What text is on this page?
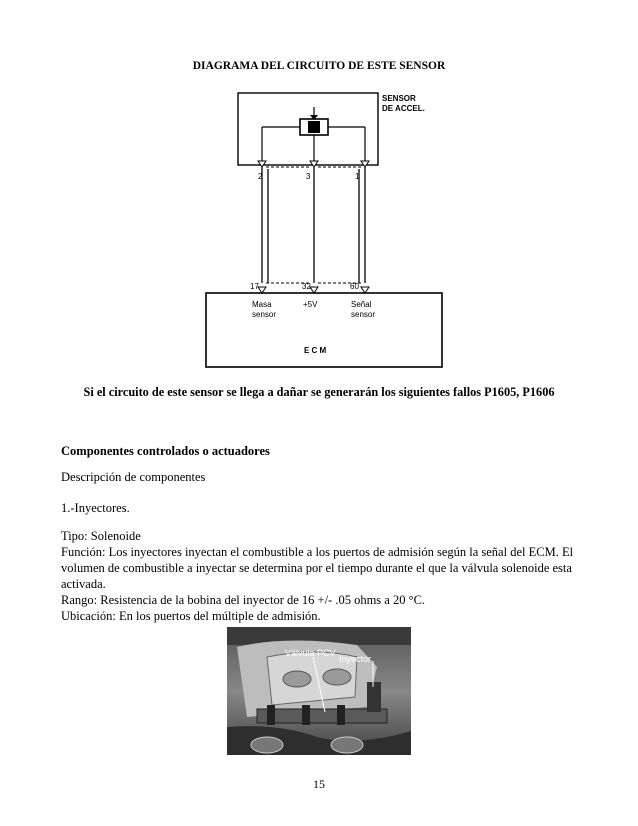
DIAGRAMA DEL CIRCUITO DE ESTE SENSOR
2	3	1
17	32	60
SENSOR
DE ACCEL.
Masa
sensor
+5V	Señal
sensor
E C M
Si el circuito de este sensor se llega a dañar se generarán los siguientes fallos P1605, P1606
Componentes controlados o actuadores
Descripción de componentes
1.-Inyectores.
Tipo: Solenoide
Función: Los inyectores inyectan el combustible a los puertos de admisión según la señal del ECM. El volumen de combustible a inyectar se determina por el tiempo durante el que la válvula solenoide esta activada.
Rango: Resistencia de la bobina del inyector de 16 +/- .05 ohms a 20 °C.
Ubicación: En los puertos del múltiple de admisión.
Válvula PCV
Inyector
15
